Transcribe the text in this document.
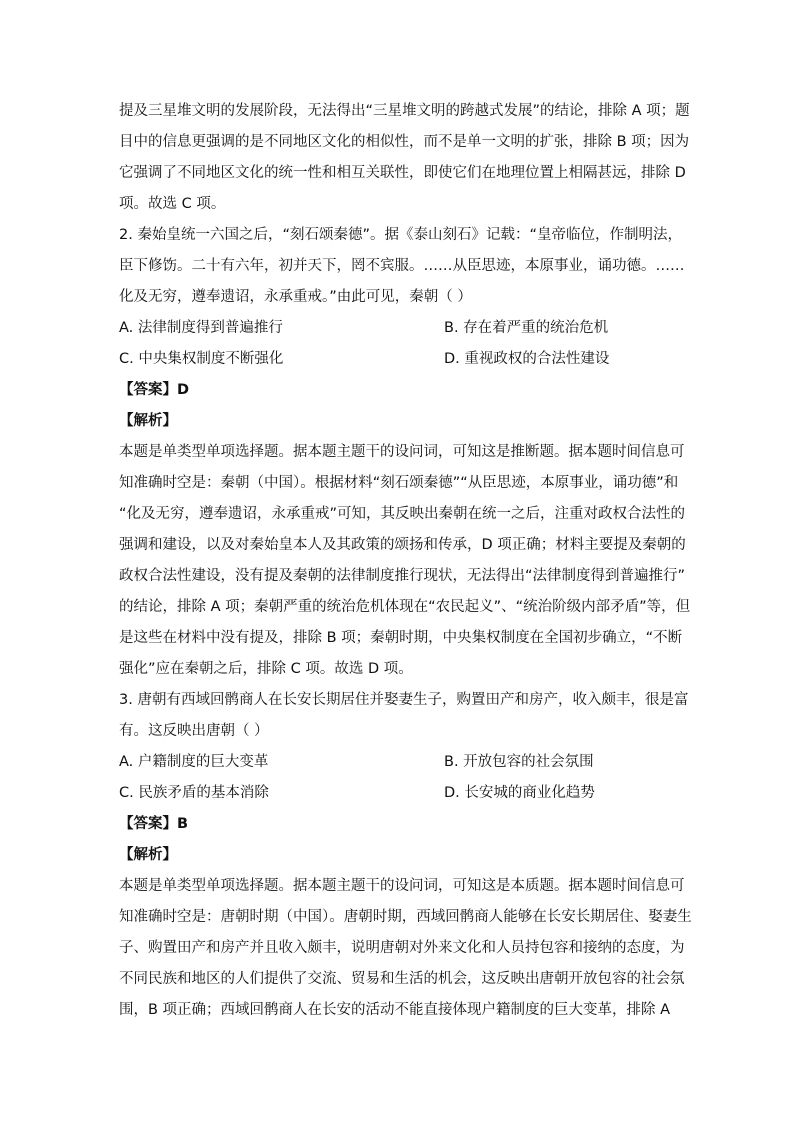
提及三星堆文明的发展阶段，无法得出“三星堆文明的跨越式发展”的结论，排除 A 项；题
目中的信息更强调的是不同地区文化的相似性，而不是单一文明的扩张，排除 B 项；因为
它强调了不同地区文化的统一性和相互关联性，即使它们在地理位置上相隔甚远，排除 D
项。故选 C 项。
2. 秦始皇统一六国之后，“刻石颂秦德”。据《泰山刻石》记载：“皇帝临位，作制明法，
臣下修饬。二十有六年，初并天下，罔不宾服。……从臣思迹，本原事业，诵功德。……
化及无穷，遵奉遗诏，永承重戒。”由此可见，秦朝（ ）
A. 法律制度得到普遍推行	B. 存在着严重的统治危机
C. 中央集权制度不断强化	D. 重视政权的合法性建设
【答案】D
【解析】
本题是单类型单项选择题。据本题主题干的设问词，可知这是推断题。据本题时间信息可
知准确时空是：秦朝（中国）。根据材料“刻石颂秦德”“从臣思迹，本原事业，诵功德”和
“化及无穷，遵奉遗诏，永承重戒”可知，其反映出秦朝在统一之后，注重对政权合法性的
强调和建设，以及对秦始皇本人及其政策的颂扬和传承，D 项正确；材料主要提及秦朝的
政权合法性建设，没有提及秦朝的法律制度推行现状，无法得出“法律制度得到普遍推行”
的结论，排除 A 项；秦朝严重的统治危机体现在“农民起义”、“统治阶级内部矛盾”等，但
是这些在材料中没有提及，排除 B 项；秦朝时期，中央集权制度在全国初步确立，“不断
强化”应在秦朝之后，排除 C 项。故选 D 项。
3. 唐朝有西域回鹘商人在长安长期居住并娶妻生子，购置田产和房产，收入颇丰，很是富
有。这反映出唐朝（ ）
A. 户籍制度的巨大变革	B. 开放包容的社会氛围
C. 民族矛盾的基本消除	D. 长安城的商业化趋势
【答案】B
【解析】
本题是单类型单项选择题。据本题主题干的设问词，可知这是本质题。据本题时间信息可
知准确时空是：唐朝时期（中国）。唐朝时期，西域回鹘商人能够在长安长期居住、娶妻生
子、购置田产和房产并且收入颇丰，说明唐朝对外来文化和人员持包容和接纳的态度，为
不同民族和地区的人们提供了交流、贸易和生活的机会，这反映出唐朝开放包容的社会氛
围，B 项正确；西域回鹘商人在长安的活动不能直接体现户籍制度的巨大变革，排除 A
